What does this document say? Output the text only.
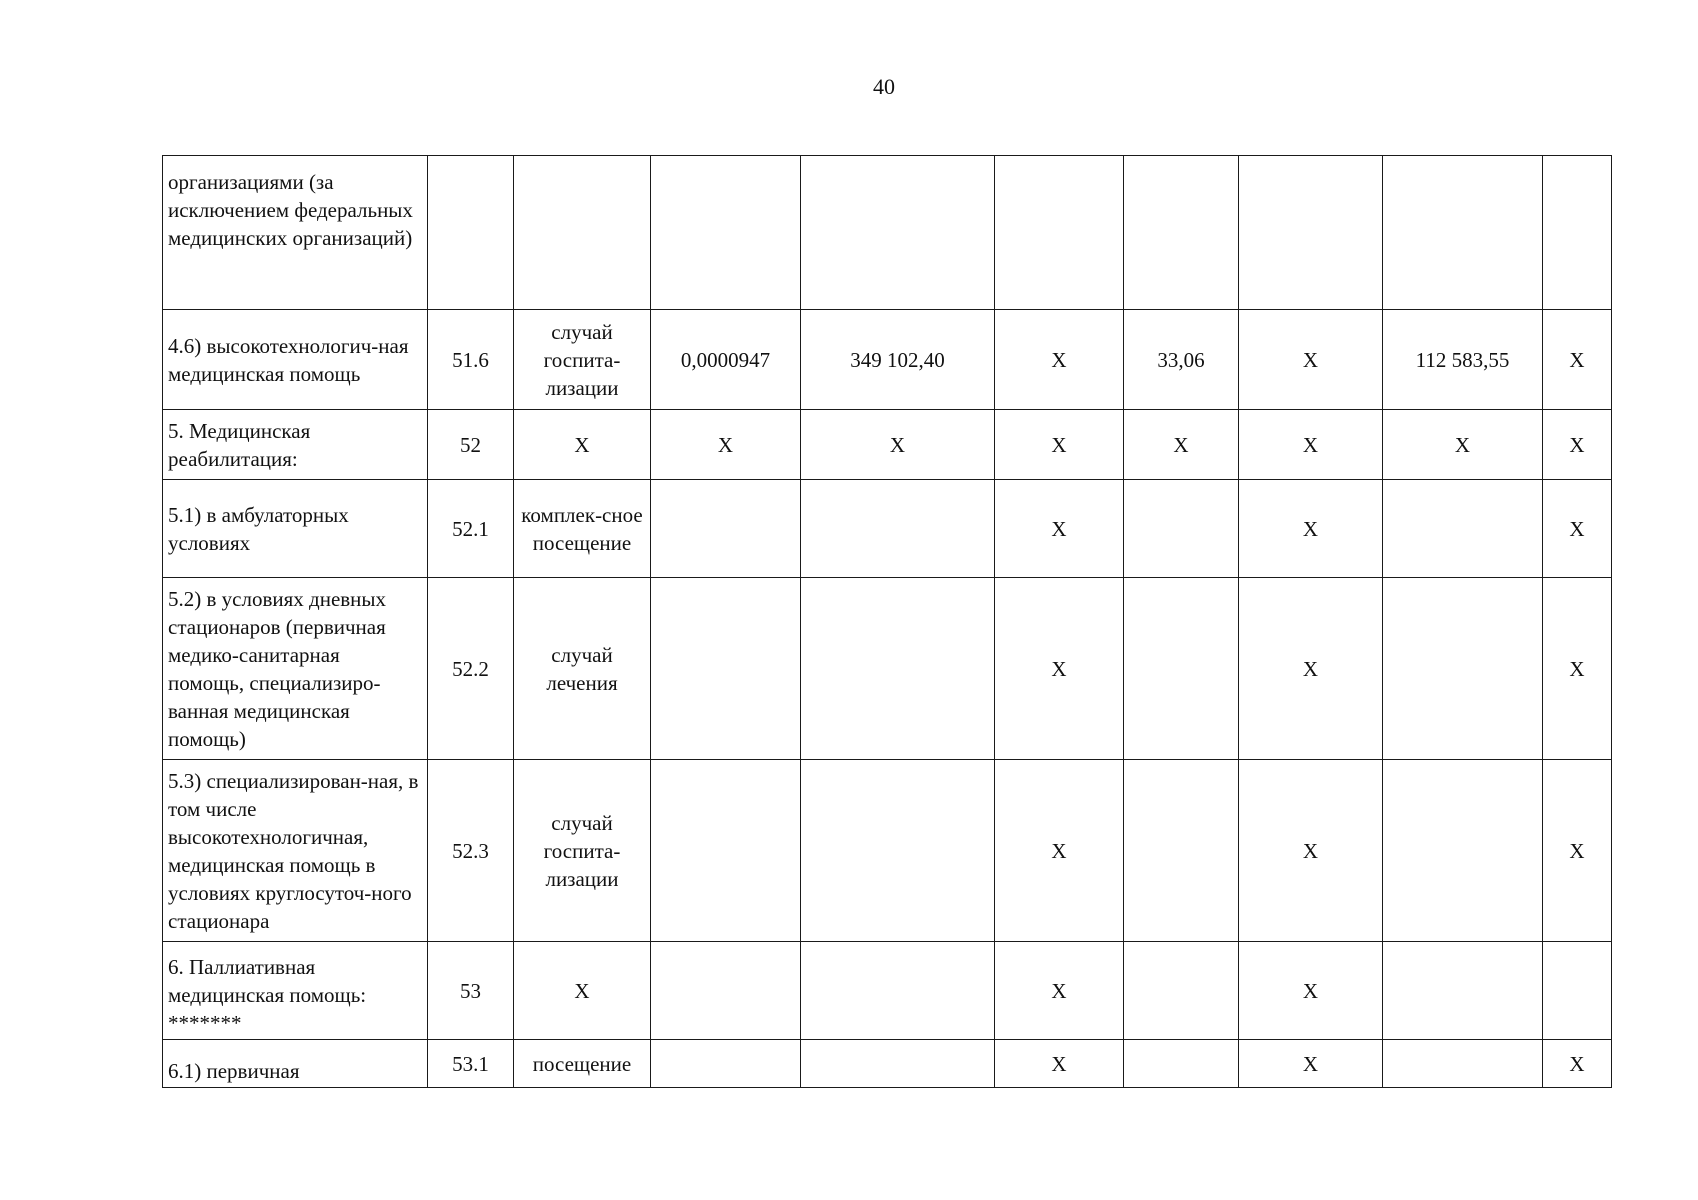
40
организациями (за исключением федеральных медицинских организаций)									
4.6) высокотехнологич-ная медицинская помощь	51.6	случай госпита-лизации	0,0000947	349 102,40	Х	33,06	Х	112 583,55	Х
5. Медицинская реабилитация:	52	Х	Х	Х	Х	Х	Х	Х	Х
5.1) в амбулаторных условиях	52.1	комплек-сное посещение			Х		Х		Х
5.2) в условиях дневных стационаров (первичная медико-санитарная помощь, специализиро-ванная медицинская помощь)	52.2	случай лечения			Х		Х		Х
5.3) специализирован-ная, в том числе высокотехнологичная, медицинская помощь в условиях круглосуточ-ного стационара	52.3	случай госпита-лизации			Х		Х		Х
6. Паллиативная медицинская помощь: *******	53	Х			Х		Х		
6.1) первичная	53.1	посещение			Х		Х		Х
